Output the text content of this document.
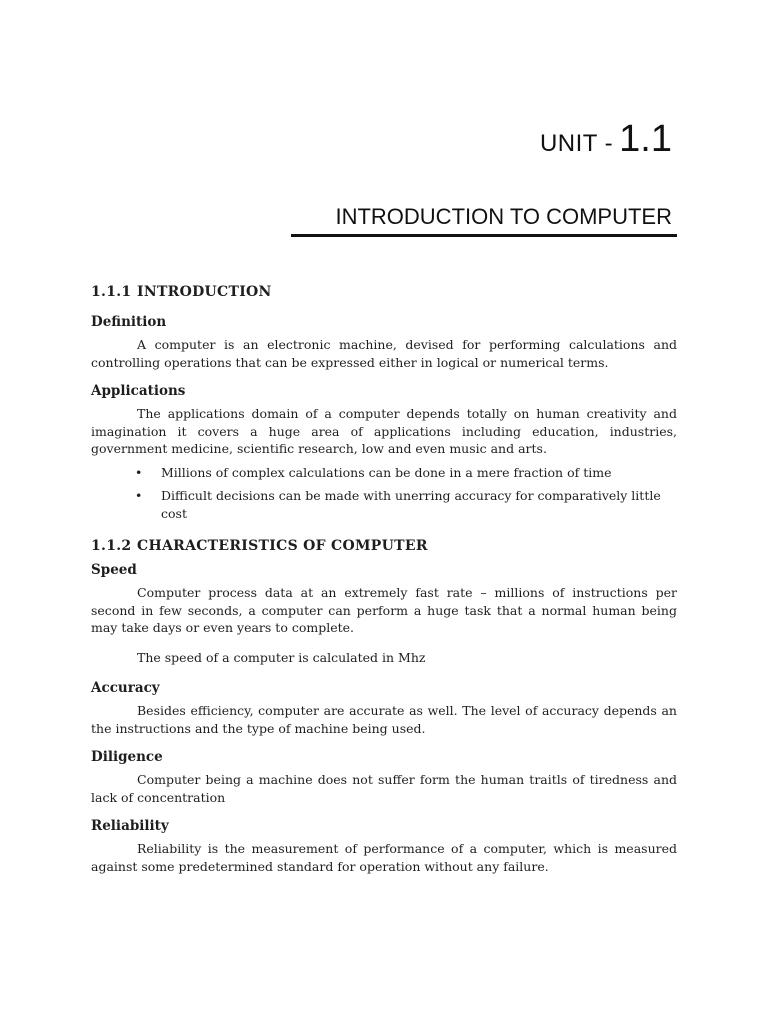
UNIT - 1.1
INTRODUCTION TO COMPUTER
1.1.1 INTRODUCTION
Definition

A computer is an electronic machine, devised for performing calculations and controlling operations that can be expressed either in logical or numerical terms.

Applications

The applications domain of a computer depends totally on human creativity and imagination it covers a huge area of applications including education, industries, government medicine, scientific research, low and even music and arts.

• Millions of complex calculations can be done in a mere fraction of time
• Difficult decisions can be made with unerring accuracy for comparatively little cost
1.1.2 CHARACTERISTICS OF COMPUTER
Speed

Computer process data at an extremely fast rate – millions of instructions per second in few seconds, a computer can perform a huge task that a normal human being may take days or even years to complete.

The speed of a computer is calculated in Mhz

Accuracy

Besides efficiency, computer are accurate as well. The level of accuracy depends an the instructions and the type of machine being used.

Diligence

Computer being a machine does not suffer form the human traitls of tiredness and lack of concentration

Reliability

Reliability is the measurement of performance of a computer, which is measured against some predetermined standard for operation without any failure.
